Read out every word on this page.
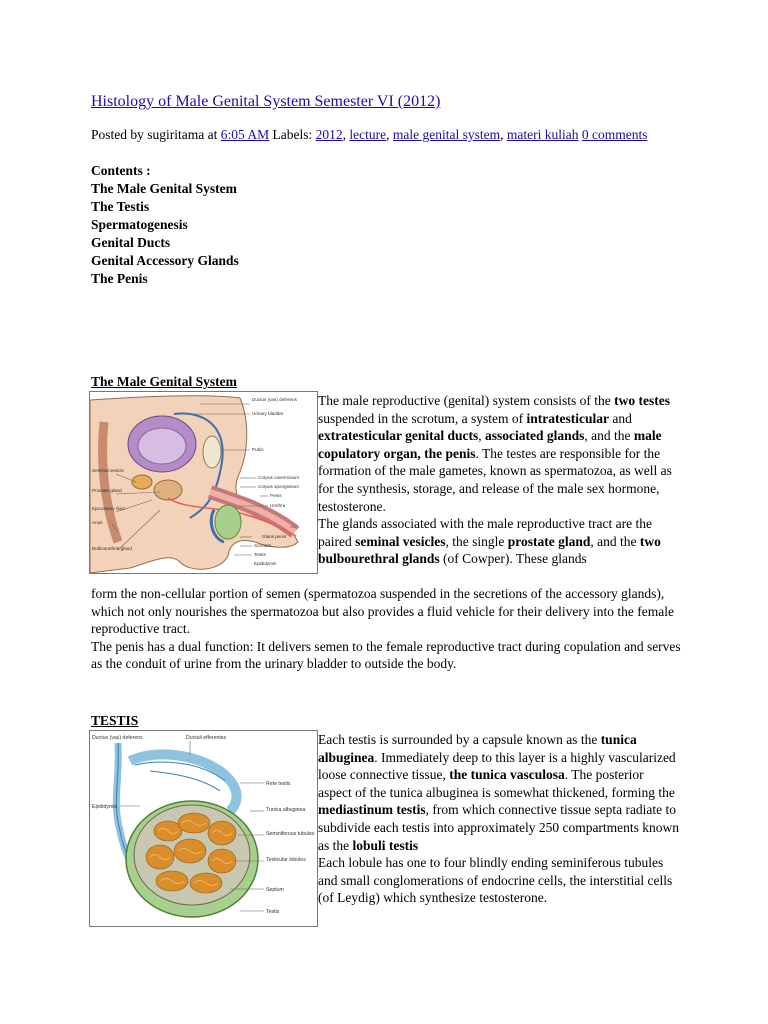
Histology of Male Genital System Semester VI (2012)
Posted by sugiritama at 6:05 AM Labels: 2012, lecture, male genital system, materi kuliah 0 comments
Contents :
The Male Genital System
The Testis
Spermatogenesis
Genital Ducts
Genital Accessory Glands
The Penis
The Male Genital System
Ductus (vas) deferens
Urinary bladder
Pubis
Corpus cavernosum
Corpus spongiosum
Penis
Urethra
Glans penis
Scrotum
Testis
Epididymis
Seminal vesicle
Prostate gland
Ejaculatory duct
Anus
Bulbourethral gland
The male reproductive (genital) system consists of the two testes suspended in the scrotum, a system of intratesticular and extratesticular genital ducts, associated glands, and the male copulatory organ, the penis. The testes are responsible for the formation of the male gametes, known as spermatozoa, as well as for the synthesis, storage, and release of the male sex hormone, testosterone.
The glands associated with the male reproductive tract are the paired seminal vesicles, the single prostate gland, and the two bulbourethral glands (of Cowper). These glands
form the non-cellular portion of semen (spermatozoa suspended in the secretions of the accessory glands), which not only nourishes the spermatozoa but also provides a fluid vehicle for their delivery into the female reproductive tract.
The penis has a dual function: It delivers semen to the female reproductive tract during copulation and serves as the conduit of urine from the urinary bladder to outside the body.
TESTIS
Ductus (vas) deferens	Ductuli efferentes
Rete testis
Epididymis	Tunica albuginea
Seminiferous tubules
Testicular lobules
Septum
Testis
Each testis is surrounded by a capsule known as the tunica albuginea. Immediately deep to this layer is a highly vascularized loose connective tissue, the tunica vasculosa. The posterior aspect of the tunica albuginea is somewhat thickened, forming the mediastinum testis, from which connective tissue septa radiate to subdivide each testis into approximately 250 compartments known as the lobuli testis
Each lobule has one to four blindly ending seminiferous tubules and small conglomerations of endocrine cells, the interstitial cells (of Leydig) which synthesize testosterone.
